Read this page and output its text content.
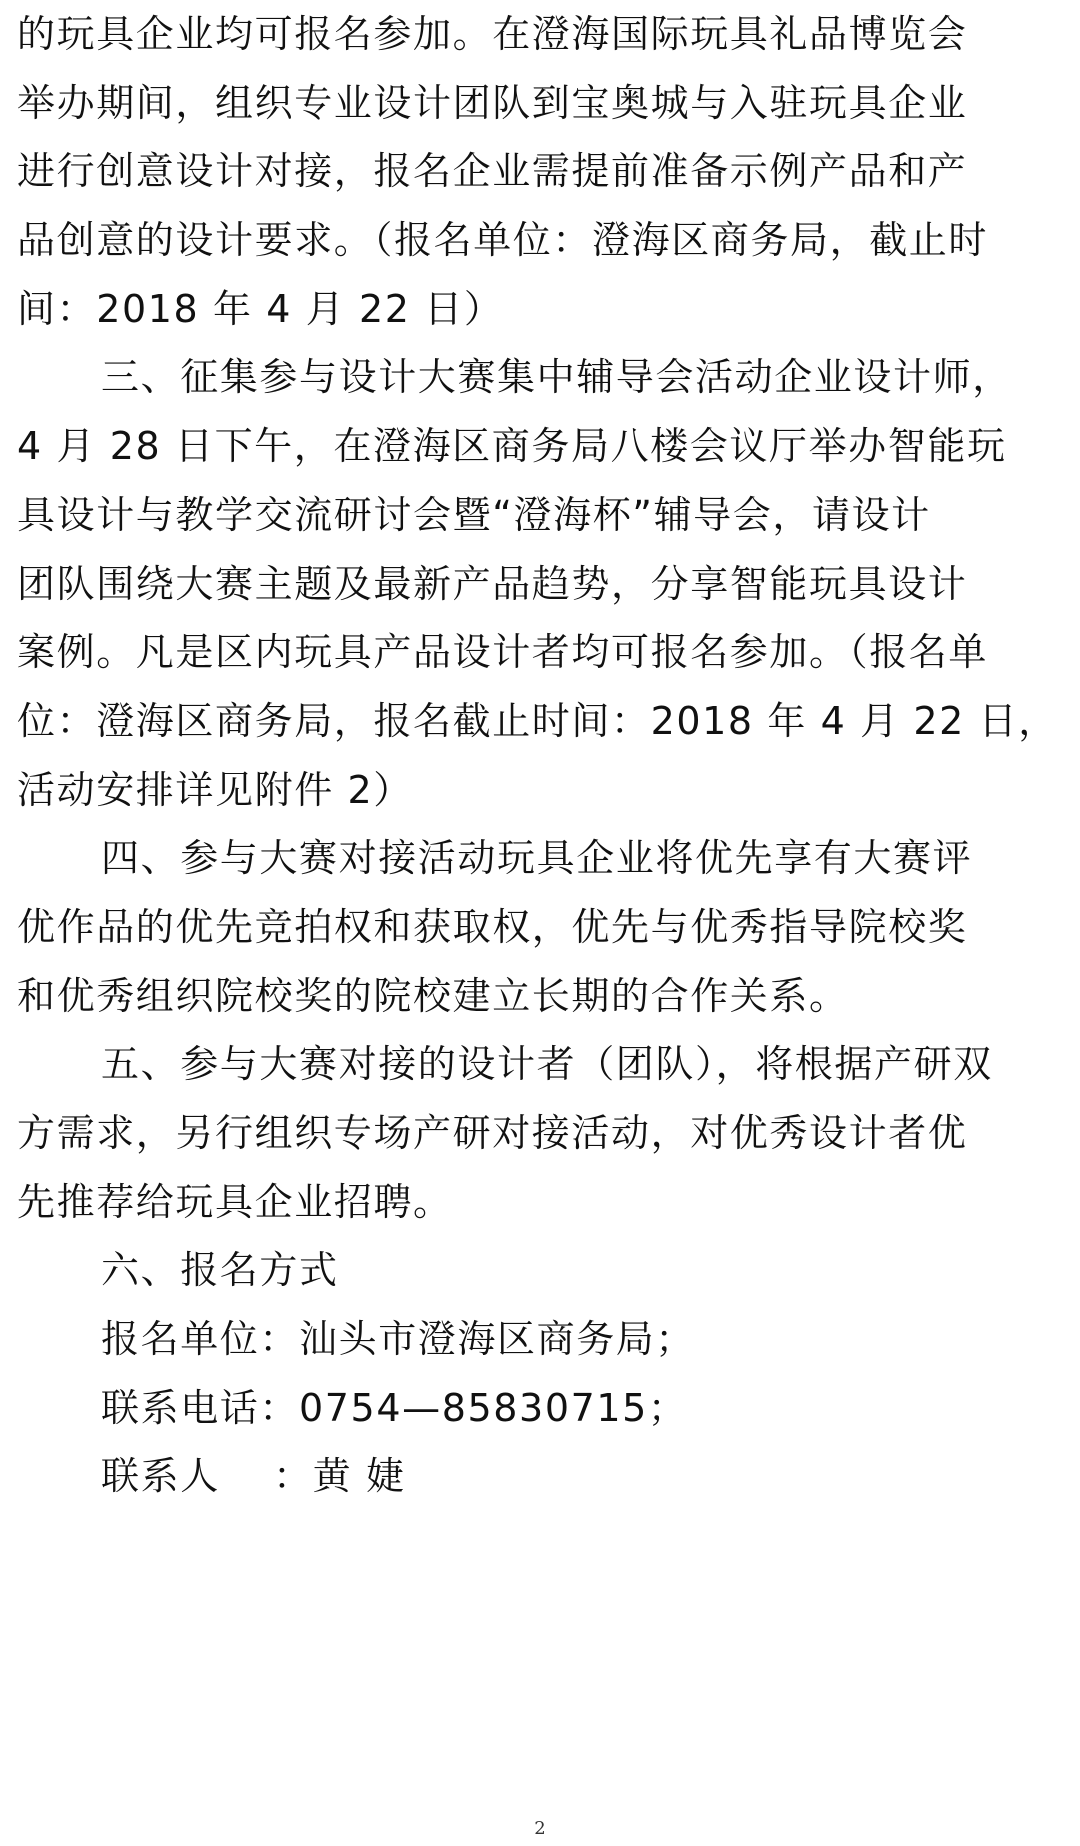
的玩具企业均可报名参加。在澄海国际玩具礼品博览会
举办期间，组织专业设计团队到宝奥城与入驻玩具企业
进行创意设计对接，报名企业需提前准备示例产品和产
品创意的设计要求。（报名单位：澄海区商务局，截止时
间：2018 年 4 月 22 日）
三、征集参与设计大赛集中辅导会活动企业设计师，
4 月 28 日下午，在澄海区商务局八楼会议厅举办智能玩
具设计与教学交流研讨会暨“澄海杯”辅导会，请设计
团队围绕大赛主题及最新产品趋势，分享智能玩具设计
案例。凡是区内玩具产品设计者均可报名参加。（报名单
位：澄海区商务局，报名截止时间：2018 年 4 月 22 日，
活动安排详见附件 2）
四、参与大赛对接活动玩具企业将优先享有大赛评
优作品的优先竞拍权和获取权，优先与优秀指导院校奖
和优秀组织院校奖的院校建立长期的合作关系。
五、参与大赛对接的设计者（团队），将根据产研双
方需求，另行组织专场产研对接活动，对优秀设计者优
先推荐给玩具企业招聘。
六、报名方式
报名单位：汕头市澄海区商务局；
联系电话：0754—85830715；
联系人　 ：黄 婕
2
